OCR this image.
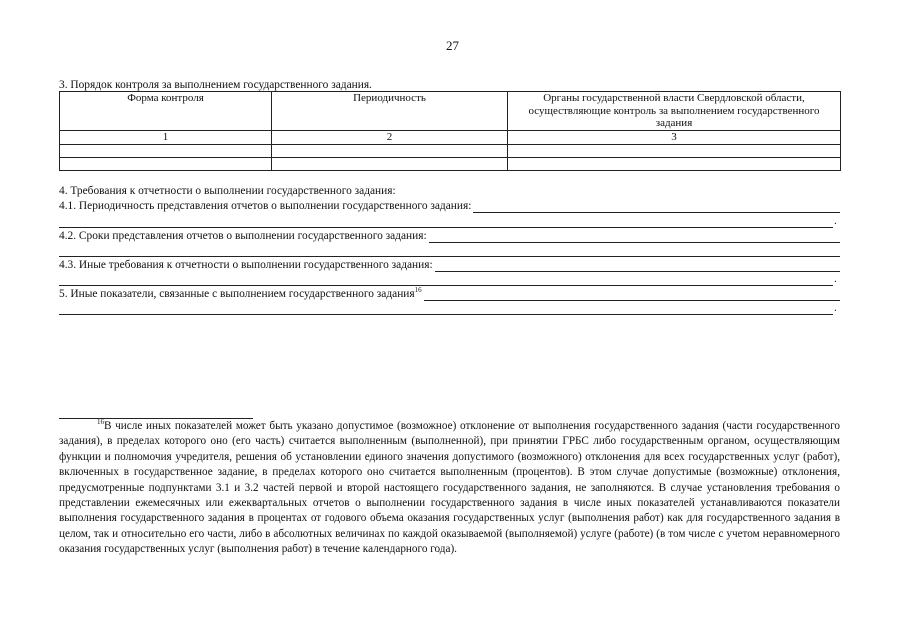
27
3. Порядок контроля за выполнением государственного задания.
Форма контроля	Периодичность	Органы государственной власти Свердловской области, осуществляющие контроль за выполнением государственного задания
1	2	3

4. Требования к отчетности о выполнении государственного задания:
4.1. Периодичность представления отчетов о выполнении государственного задания:
.
4.2. Сроки представления отчетов о выполнении государственного задания:
4.3. Иные требования к отчетности о выполнении государственного задания:
.
5. Иные показатели, связанные с выполнением государственного задания$^{16}$
.
$^{16}$В числе иных показателей может быть указано допустимое (возможное) отклонение от выполнения государственного задания (части государственного задания), в пределах которого оно (его часть) считается выполненным (выполненной), при принятии ГРБС либо государственным органом, осуществляющим функции и полномочия учредителя, решения об установлении единого значения допустимого (возможного) отклонения для всех государственных услуг (работ), включенных в государственное задание, в пределах которого оно считается выполненным (процентов). В этом случае допустимые (возможные) отклонения, предусмотренные подпунктами 3.1 и 3.2 частей первой и второй настоящего государственного задания, не заполняются. В случае установления требования о представлении ежемесячных или ежеквартальных отчетов о выполнении государственного задания в числе иных показателей устанавливаются показатели выполнения государственного задания в процентах от годового объема оказания государственных услуг (выполнения работ) как для государственного задания в целом, так и относительно его части, либо в абсолютных величинах по каждой оказываемой (выполняемой) услуге (работе) (в том числе с учетом неравномерного оказания государственных услуг (выполнения работ) в течение календарного года).
